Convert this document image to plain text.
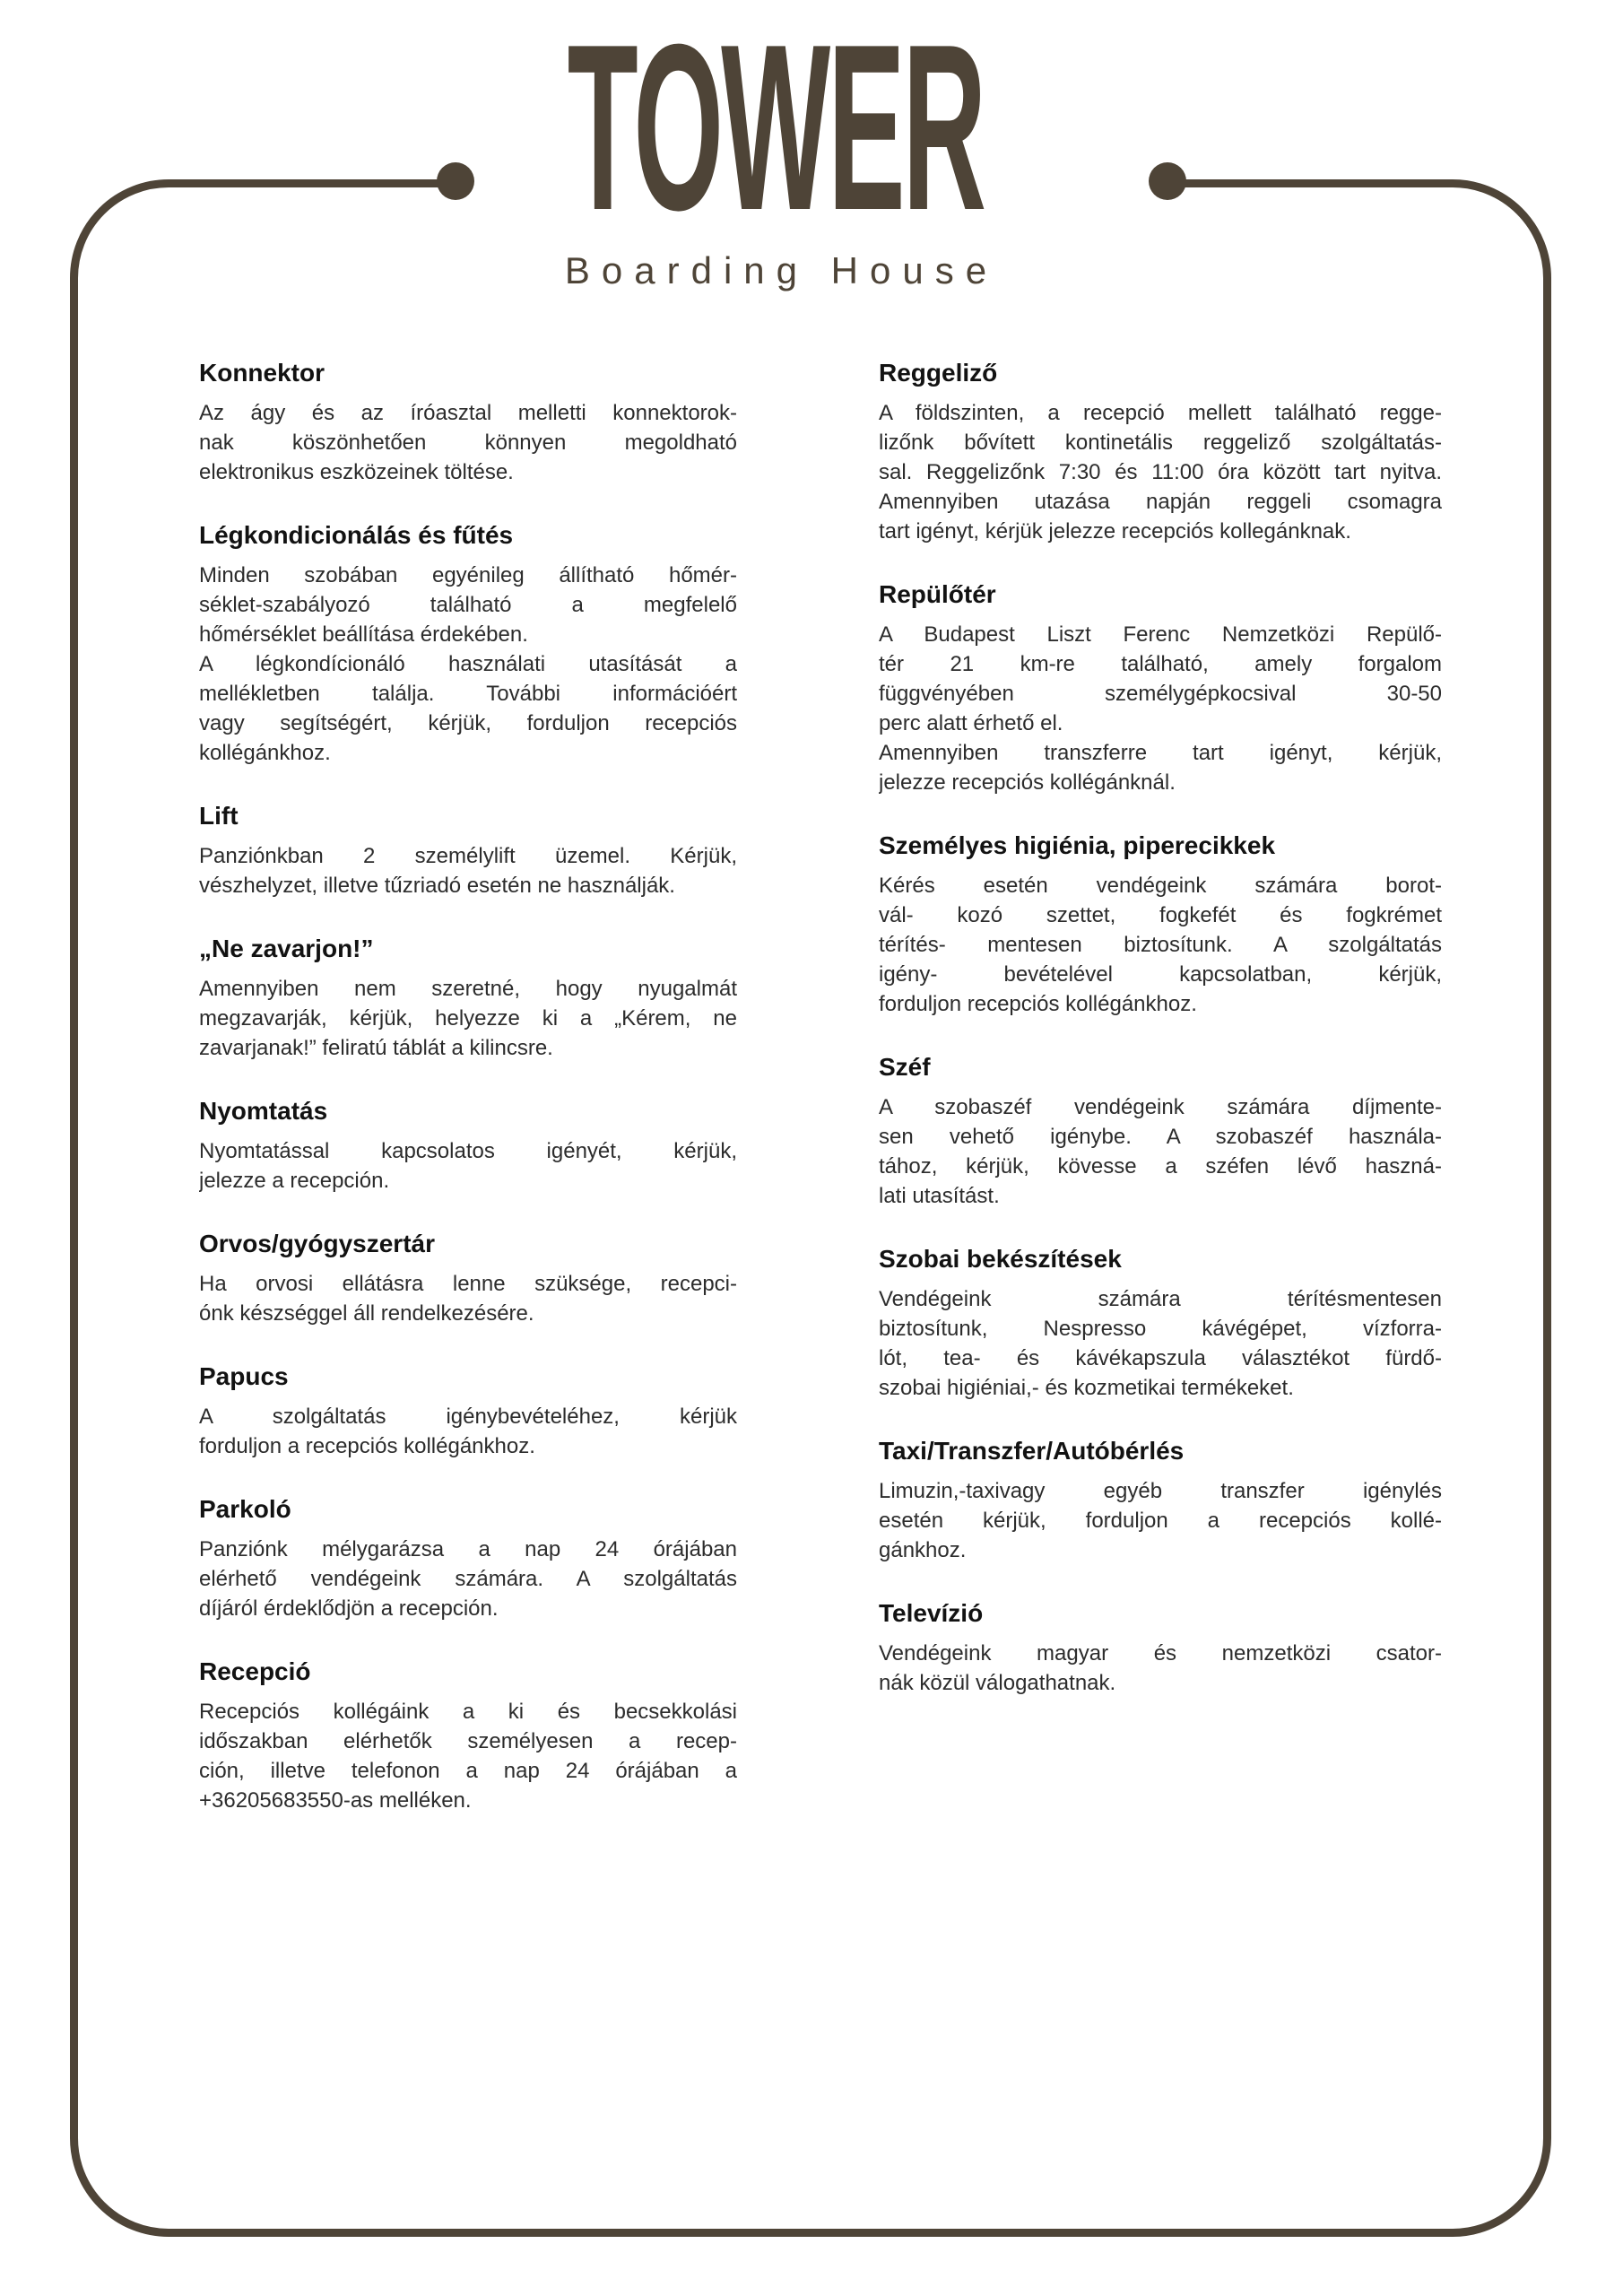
TOWER
Boarding House
Konnektor
Az ágy és az íróasztal melletti konnektorok-
nak köszönhetően könnyen megoldható
elektronikus eszközeinek töltése.
Légkondicionálás és fűtés
Minden szobában egyénileg állítható hőmér-
séklet-szabályozó található a megfelelő
hőmérséklet beállítása érdekében.
A légkondícionáló használati utasítását a
mellékletben találja. További információért
vagy segítségért, kérjük, forduljon recepciós
kollégánkhoz.
Lift
Panziónkban 2 személylift üzemel. Kérjük,
vészhelyzet, illetve tűzriadó esetén ne használják.
„Ne zavarjon!”
Amennyiben nem szeretné, hogy nyugalmát
megzavarják, kérjük, helyezze ki a „Kérem, ne
zavarjanak!” feliratú táblát a kilincsre.
Nyomtatás
Nyomtatással kapcsolatos igényét, kérjük,
jelezze a recepción.
Orvos/gyógyszertár
Ha orvosi ellátásra lenne szüksége, recepci-
ónk készséggel áll rendelkezésére.
Papucs
A szolgáltatás igénybevételéhez, kérjük
forduljon a recepciós kollégánkhoz.
Parkoló
Panziónk mélygarázsa a nap 24 órájában
elérhető vendégeink számára. A szolgáltatás
díjáról érdeklődjön a recepción.
Recepció
Recepciós kollégáink a ki és becsekkolási
időszakban elérhetők személyesen a recep-
ción, illetve telefonon a nap 24 órájában a
+36205683550-as melléken.
Reggeliző
A földszinten, a recepció mellett található regge-
lizőnk bővített kontinetális reggeliző szolgáltatás-
sal. Reggelizőnk 7:30 és 11:00 óra között tart nyitva.
Amennyiben utazása napján reggeli csomagra
tart igényt, kérjük jelezze recepciós kollegánknak.
Repülőtér
A Budapest Liszt Ferenc Nemzetközi Repülő-
tér 21 km-re található, amely forgalom
függvényében személygépkocsival 30-50
perc alatt érhető el.
Amennyiben transzferre tart igényt, kérjük,
jelezze recepciós kollégánknál.
Személyes higiénia, piperecikkek
Kérés esetén vendégeink számára borot-
vál- kozó szettet, fogkefét és fogkrémet
térítés- mentesen biztosítunk. A szolgáltatás
igény- bevételével kapcsolatban, kérjük,
forduljon recepciós kollégánkhoz.
Széf
A szobaszéf vendégeink számára díjmente-
sen vehető igénybe. A szobaszéf használa-
tához, kérjük, kövesse a széfen lévő haszná-
lati utasítást.
Szobai bekészítések
Vendégeink számára térítésmentesen
biztosítunk, Nespresso kávégépet, vízforra-
lót, tea- és kávékapszula választékot fürdő-
szobai higiéniai,- és kozmetikai termékeket.
Taxi/Transzfer/Autóbérlés
Limuzin,-taxivagy egyéb transzfer igénylés
esetén kérjük, forduljon a recepciós kollé-
gánkhoz.
Televízió
Vendégeink magyar és nemzetközi csator-
nák közül válogathatnak.
